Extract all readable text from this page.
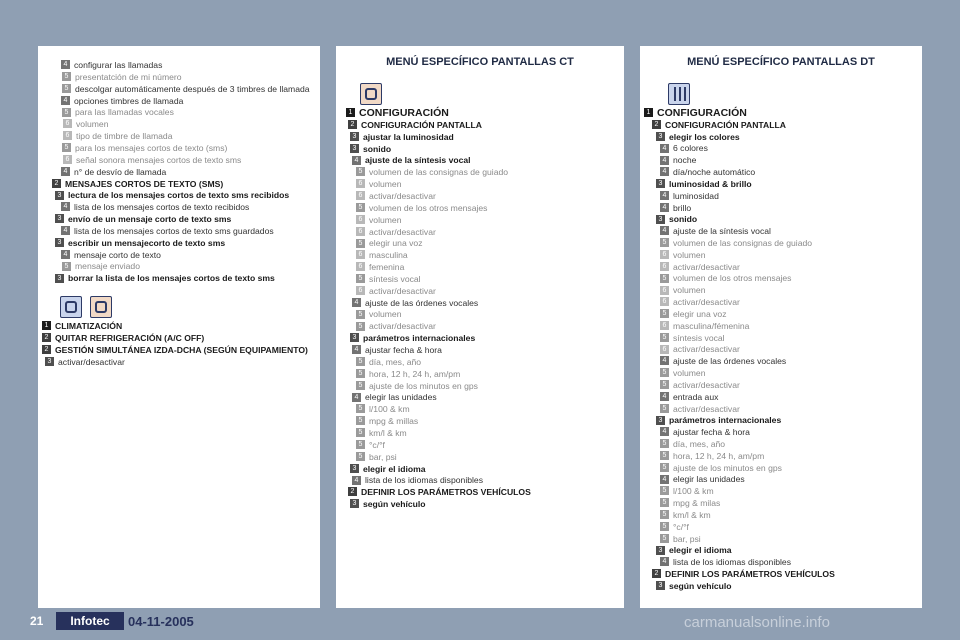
4 configurar las llamadas
5 presentatción de mi número
5 descolgar automáticamente después de 3 timbres de llamada
4 opciones timbres de llamada
5 para las llamadas vocales
6 volumen
6 tipo de timbre de llamada
5 para los mensajes cortos de texto (sms)
6 señal sonora mensajes cortos de texto sms
4 n° de desvío de llamada
2 MENSAJES CORTOS DE TEXTO (SMS)
3 lectura de los mensajes cortos de texto sms recibidos
4 lista de los mensajes cortos de texto recibidos
3 envío de un mensaje corto de texto sms
4 lista de los mensajes cortos de texto sms guardados
3 escribir un mensajecorto de texto sms
4 mensaje corto de texto
5 mensaje enviado
3 borrar la lista de los mensajes cortos de texto sms
1 CLIMATIZACIÓN
2 QUITAR REFRIGERACIÓN (A/C OFF)
2 GESTIÓN SIMULTÁNEA IZDA-DCHA (SEGÚN EQUIPAMIENTO)
3 activar/desactivar
MENÚ ESPECÍFICO PANTALLAS CT
1 CONFIGURACIÓN
2 CONFIGURACIÓN PANTALLA
3 ajustar la luminosidad
3 sonido
4 ajuste de la síntesis vocal
5 volumen de las consignas de guiado
6 volumen
6 activar/desactivar
5 volumen de los otros mensajes
6 volumen
6 activar/desactivar
5 elegir una voz
6 masculina
6 femenina
5 síntesis vocal
6 activar/desactivar
4 ajuste de las órdenes vocales
5 volumen
5 activar/desactivar
3 parámetros internacionales
4 ajustar fecha & hora
5 día, mes, año
5 hora, 12 h, 24 h, am/pm
5 ajuste de los minutos en gps
4 elegir las unidades
5 l/100 & km
5 mpg & millas
5 km/l & km
5 °c/°f
5 bar, psi
3 elegir el idioma
4 lista de los idiomas disponibles
2 DEFINIR LOS PARÁMETROS VEHÍCULOS
3 según vehículo
MENÚ ESPECÍFICO PANTALLAS DT
1 CONFIGURACIÓN
2 CONFIGURACIÓN PANTALLA
3 elegir los colores
4 6 colores
4 noche
4 día/noche automático
3 luminosidad & brillo
4 luminosidad
4 brillo
3 sonido
4 ajuste de la síntesis vocal
5 volumen de las consignas de guiado
6 volumen
6 activar/desactivar
5 volumen de los otros mensajes
6 volumen
6 activar/desactivar
5 elegir una voz
6 masculina/fémenina
5 síntesis vocal
6 activar/desactivar
4 ajuste de las órdenes vocales
5 volumen
5 activar/desactivar
4 entrada aux
5 activar/desactivar
3 parámetros internacionales
4 ajustar fecha & hora
5 día, mes, año
5 hora, 12 h, 24 h, am/pm
5 ajuste de los minutos en gps
4 elegir las unidades
5 l/100 & km
5 mpg & milas
5 km/l & km
5 °c/°f
5 bar, psi
3 elegir el idioma
4 lista de los idiomas disponibles
2 DEFINIR LOS PARÁMETROS VEHÍCULOS
3 según vehículo
21	Infotec	04-11-2005	carmanualsonline.info
